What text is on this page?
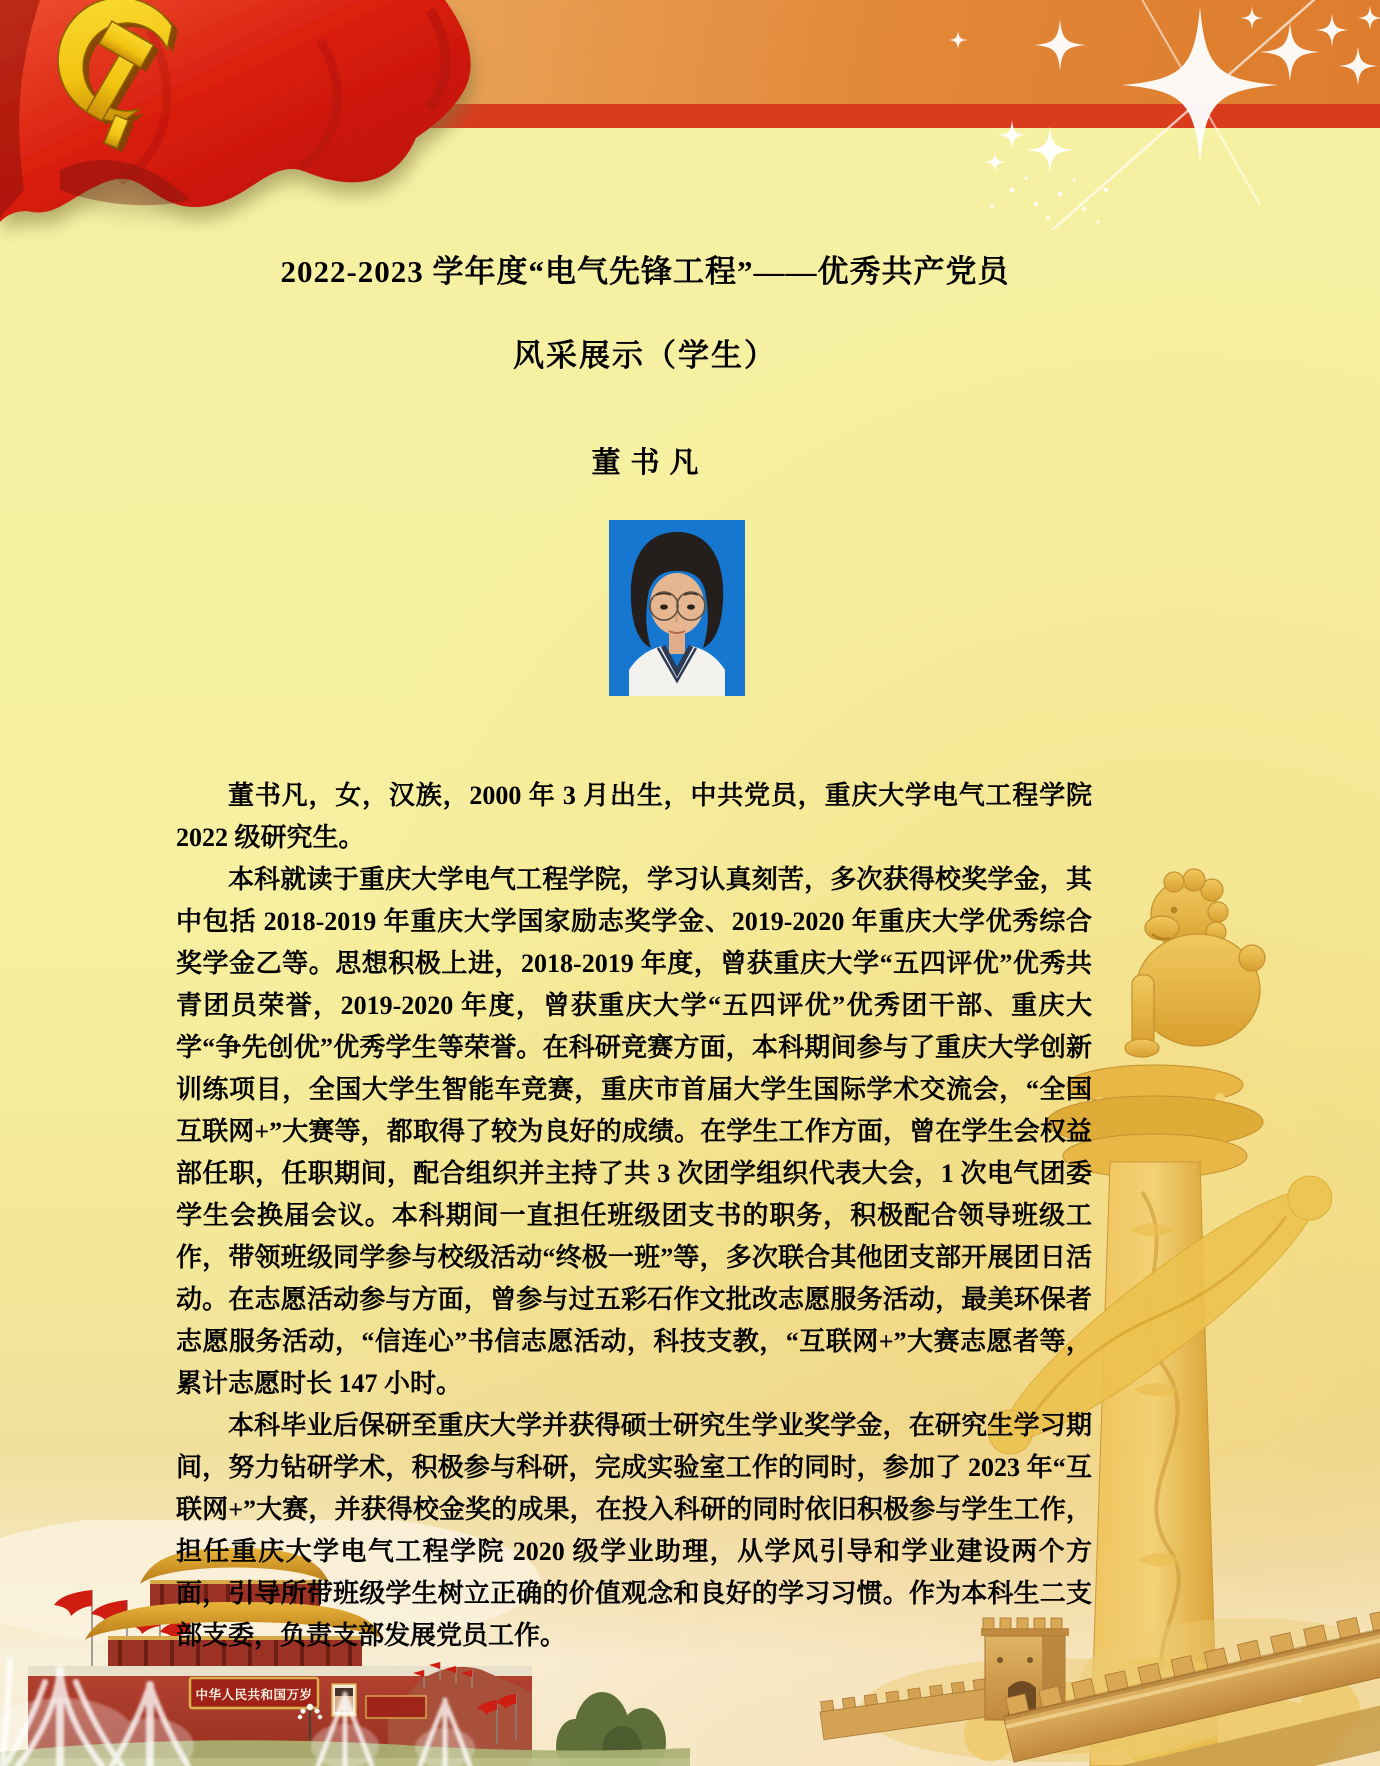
2022-2023 学年度“电气先锋工程”——优秀共产党员
风采展示（学生）
董书凡

董书凡，女，汉族，2000 年 3 月出生，中共党员，重庆大学电气工程学院 2022 级研究生。

本科就读于重庆大学电气工程学院，学习认真刻苦，多次获得校奖学金，其中包括 2018-2019 年重庆大学国家励志奖学金、2019-2020 年重庆大学优秀综合奖学金乙等。思想积极上进，2018-2019 年度，曾获重庆大学“五四评优”优秀共青团员荣誉，2019-2020 年度，曾获重庆大学“五四评优”优秀团干部、重庆大学“争先创优”优秀学生等荣誉。在科研竞赛方面，本科期间参与了重庆大学创新训练项目，全国大学生智能车竞赛，重庆市首届大学生国际学术交流会，“全国互联网+”大赛等，都取得了较为良好的成绩。在学生工作方面，曾在学生会权益部任职，任职期间，配合组织并主持了共 3 次团学组织代表大会，1 次电气团委学生会换届会议。本科期间一直担任班级团支书的职务，积极配合领导班级工作，带领班级同学参与校级活动“终极一班”等，多次联合其他团支部开展团日活动。在志愿活动参与方面，曾参与过五彩石作文批改志愿服务活动，最美环保者志愿服务活动，“信连心”书信志愿活动，科技支教，“互联网+”大赛志愿者等，累计志愿时长 147 小时。

本科毕业后保研至重庆大学并获得硕士研究生学业奖学金，在研究生学习期间，努力钻研学术，积极参与科研，完成实验室工作的同时，参加了 2023 年“互联网+”大赛，并获得校金奖的成果，在投入科研的同时依旧积极参与学生工作，担任重庆大学电气工程学院 2020 级学业助理，从学风引导和学业建设两个方面，引导所带班级学生树立正确的价值观念和良好的学习习惯。作为本科生二支部支委，负责支部发展党员工作。

中华人民共和国万岁
